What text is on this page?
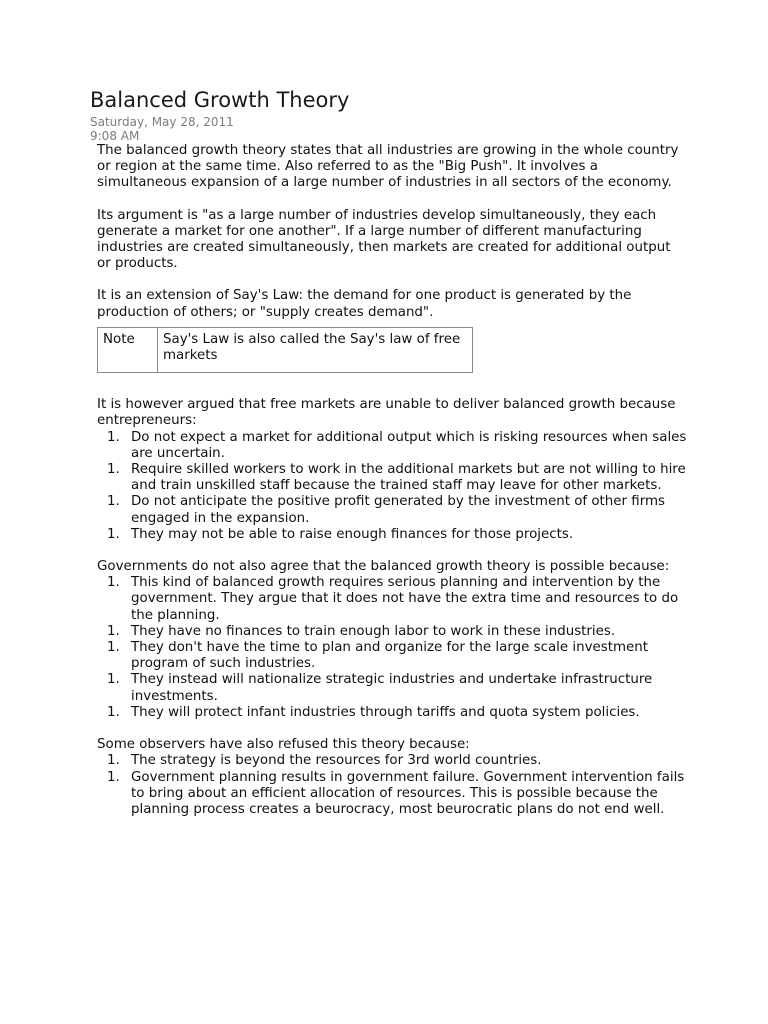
Balanced Growth Theory
Saturday, May 28, 2011
9:08 AM

The balanced growth theory states that all industries are growing in the whole country or region at the same time. Also referred to as the "Big Push". It involves a simultaneous expansion of a large number of industries in all sectors of the economy.

Its argument is "as a large number of industries develop simultaneously, they each generate a market for one another". If a large number of different manufacturing industries are created simultaneously, then markets are created for additional output or products.

It is an extension of Say's Law: the demand for one product is generated by the production of others; or "supply creates demand".

Note	Say's Law is also called the Say's law of free markets

It is however argued that free markets are unable to deliver balanced growth because entrepreneurs:

1. Do not expect a market for additional output which is risking resources when sales are uncertain.
1. Require skilled workers to work in the additional markets but are not willing to hire and train unskilled staff because the trained staff may leave for other markets.
1. Do not anticipate the positive profit generated by the investment of other firms engaged in the expansion.
1. They may not be able to raise enough finances for those projects.

Governments do not also agree that the balanced growth theory is possible because:

1. This kind of balanced growth requires serious planning and intervention by the government. They argue that it does not have the extra time and resources to do the planning.
1. They have no finances to train enough labor to work in these industries.
1. They don't have the time to plan and organize for the large scale investment program of such industries.
1. They instead will nationalize strategic industries and undertake infrastructure investments.
1. They will protect infant industries through tariffs and quota system policies.

Some observers have also refused this theory because:

1. The strategy is beyond the resources for 3rd world countries.
1. Government planning results in government failure. Government intervention fails to bring about an efficient allocation of resources. This is possible because the planning process creates a beurocracy, most beurocratic plans do not end well.
